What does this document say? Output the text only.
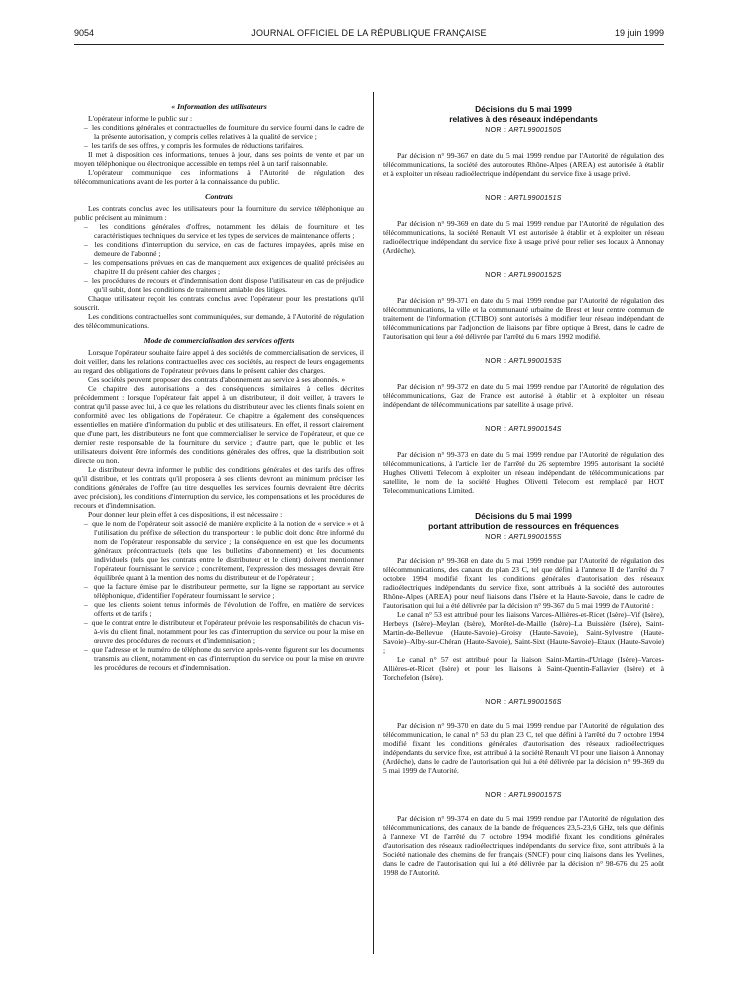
9054	JOURNAL OFFICIEL DE LA RÉPUBLIQUE FRANÇAISE	19 juin 1999
« Information des utilisateurs

L'opérateur informe le public sur :

–  les conditions générales et contractuelles de fourniture du service fourni dans le cadre de la présente autorisation, y compris celles relatives à la qualité de service ;
–  les tarifs de ses offres, y compris les formules de réductions tarifaires.

Il met à disposition ces informations, tenues à jour, dans ses points de vente et par un moyen téléphonique ou électronique accessible en temps réel à un tarif raisonnable.

L'opérateur communique ces informations à l'Autorité de régulation des télécommunications avant de les porter à la connaissance du public.

Contrats

Les contrats conclus avec les utilisateurs pour la fourniture du service téléphonique au public précisent au minimum :

–  les conditions générales d'offres, notamment les délais de fourniture et les caractéristiques techniques du service et les types de services de maintenance offerts ;
–  les conditions d'interruption du service, en cas de factures impayées, après mise en demeure de l'abonné ;
–  les compensations prévues en cas de manquement aux exigences de qualité précisées au chapitre II du présent cahier des charges ;
–  les procédures de recours et d'indemnisation dont dispose l'utilisateur en cas de préjudice qu'il subit, dont les conditions de traitement amiable des litiges.

Chaque utilisateur reçoit les contrats conclus avec l'opérateur pour les prestations qu'il souscrit.

Les conditions contractuelles sont communiquées, sur demande, à l'Autorité de régulation des télécommunications.

Mode de commercialisation des services offerts

Lorsque l'opérateur souhaite faire appel à des sociétés de commercialisation de services, il doit veiller, dans les relations contractuelles avec ces sociétés, au respect de leurs engagements au regard des obligations de l'opérateur prévues dans le présent cahier des charges.

Ces sociétés peuvent proposer des contrats d'abonnement au service à ses abonnés. »

Ce chapitre des autorisations a des conséquences similaires à celles décrites précédemment : lorsque l'opérateur fait appel à un distributeur, il doit veiller, à travers le contrat qu'il passe avec lui, à ce que les relations du distributeur avec les clients finals soient en conformité avec les obligations de l'opérateur. Ce chapitre a également des conséquences essentielles en matière d'information du public et des utilisateurs. En effet, il ressort clairement que d'une part, les distributeurs ne font que commercialiser le service de l'opérateur, et que ce dernier reste responsable de la fourniture du service ; d'autre part, que le public et les utilisateurs doivent être informés des conditions générales des offres, que la distribution soit directe ou non.

Le distributeur devra informer le public des conditions générales et des tarifs des offres qu'il distribue, et les contrats qu'il proposera à ses clients devront au minimum préciser les conditions générales de l'offre (au titre desquelles les services fournis devraient être décrits avec précision), les conditions d'interruption du service, les compensations et les procédures de recours et d'indemnisation.

Pour donner leur plein effet à ces dispositions, il est nécessaire :

–  que le nom de l'opérateur soit associé de manière explicite à la notion de « service » et à l'utilisation du préfixe de sélection du transporteur : le public doit donc être informé du nom de l'opérateur responsable du service ; la conséquence en est que les documents généraux précontractuels (tels que les bulletins d'abonnement) et les documents individuels (tels que les contrats entre le distributeur et le client) doivent mentionner l'opérateur fournissant le service ; concrètement, l'expression des messages devrait être équilibrée quant à la mention des noms du distributeur et de l'opérateur ;
–  que la facture émise par le distributeur permette, sur la ligne se rapportant au service téléphonique, d'identifier l'opérateur fournissant le service ;
–  que les clients soient tenus informés de l'évolution de l'offre, en matière de services offerts et de tarifs ;
–  que le contrat entre le distributeur et l'opérateur prévoie les responsabilités de chacun vis-à-vis du client final, notamment pour les cas d'interruption du service ou pour la mise en œuvre des procédures de recours et d'indemnisation ;
–  que l'adresse et le numéro de téléphone du service après-vente figurent sur les documents transmis au client, notamment en cas d'interruption du service ou pour la mise en œuvre les procédures de recours et d'indemnisation.
Décisions du 5 mai 1999
relatives à des réseaux indépendants
NOR : ARTL9900150S

Par décision n° 99-367 en date du 5 mai 1999 rendue par l'Autorité de régulation des télécommunications, la société des autoroutes Rhône-Alpes (AREA) est autorisée à établir et à exploiter un réseau radioélectrique indépendant du service fixe à usage privé.

NOR : ARTL9900151S

Par décision n° 99-369 en date du 5 mai 1999 rendue par l'Autorité de régulation des télécommunications, la société Renault VI est autorisée à établir et à exploiter un réseau radioélectrique indépendant du service fixe à usage privé pour relier ses locaux à Annonay (Ardèche).

NOR : ARTL9900152S

Par décision n° 99-371 en date du 5 mai 1999 rendue par l'Autorité de régulation des télécommunications, la ville et la communauté urbaine de Brest et leur centre commun de traitement de l'information (CTIBO) sont autorisés à modifier leur réseau indépendant de télécommunications par l'adjonction de liaisons par fibre optique à Brest, dans le cadre de l'autorisation qui leur a été délivrée par l'arrêté du 6 mars 1992 modifié.

NOR : ARTL9900153S

Par décision n° 99-372 en date du 5 mai 1999 rendue par l'Autorité de régulation des télécommunications, Gaz de France est autorisé à établir et à exploiter un réseau indépendant de télécommunications par satellite à usage privé.

NOR : ARTL9900154S

Par décision n° 99-373 en date du 5 mai 1999 rendue par l'Autorité de régulation des télécommunications, à l'article 1er de l'arrêté du 26 septembre 1995 autorisant la société Hughes Olivetti Telecom à exploiter un réseau indépendant de télécommunications par satellite, le nom de la société Hughes Olivetti Telecom est remplacé par HOT Telecommunications Limited.

Décisions du 5 mai 1999
portant attribution de ressources en fréquences
NOR : ARTL9900155S

Par décision n° 99-368 en date du 5 mai 1999 rendue par l'Autorité de régulation des télécommunications, des canaux du plan 23 C, tel que défini à l'annexe II de l'arrêté du 7 octobre 1994 modifié fixant les conditions générales d'autorisation des réseaux radioélectriques indépendants du service fixe, sont attribués à la société des autoroutes Rhône-Alpes (AREA) pour neuf liaisons dans l'Isère et la Haute-Savoie, dans le cadre de l'autorisation qui lui a été délivrée par la décision n° 99-367 du 5 mai 1999 de l'Autorité :

Le canal n° 53 est attribué pour les liaisons Varces-Allières-et-Ricet (Isère)–Vif (Isère), Herbeys (Isère)–Meylan (Isère), Morêtel-de-Maille (Isère)–La Buissière (Isère), Saint-Martin-de-Bellevue (Haute-Savoie)–Groisy (Haute-Savoie), Saint-Sylvestre (Haute-Savoie)–Alby-sur-Chéran (Haute-Savoie), Saint-Sixt (Haute-Savoie)–Etaux (Haute-Savoie) ;

Le canal n° 57 est attribué pour la liaison Saint-Martin-d'Uriage (Isère)–Varces-Allières-et-Ricet (Isère) et pour les liaisons à Saint-Quentin-Fallavier (Isère) et à Torchefelon (Isère).

NOR : ARTL9900156S

Par décision n° 99-370 en date du 5 mai 1999 rendue par l'Autorité de régulation des télécommunication, le canal n° 53 du plan 23 C, tel que défini à l'arrêté du 7 octobre 1994 modifié fixant les conditions générales d'autorisation des réseaux radioélectriques indépendants du service fixe, est attribué à la société Renault VI pour une liaison à Annonay (Ardèche), dans le cadre de l'autorisation qui lui a été délivrée par la décision n° 99-369 du 5 mai 1999 de l'Autorité.

NOR : ARTL9900157S

Par décision n° 99-374 en date du 5 mai 1999 rendue par l'Autorité de régulation des télécommunications, des canaux de la bande de fréquences 23,5-23,6 GHz, tels que définis à l'annexe VI de l'arrêté du 7 octobre 1994 modifié fixant les conditions générales d'autorisation des réseaux radioélectriques indépendants du service fixe, sont attribués à la Société nationale des chemins de fer français (SNCF) pour cinq liaisons dans les Yvelines, dans le cadre de l'autorisation qui lui a été délivrée par la décision n° 98-676 du 25 août 1998 de l'Autorité.
